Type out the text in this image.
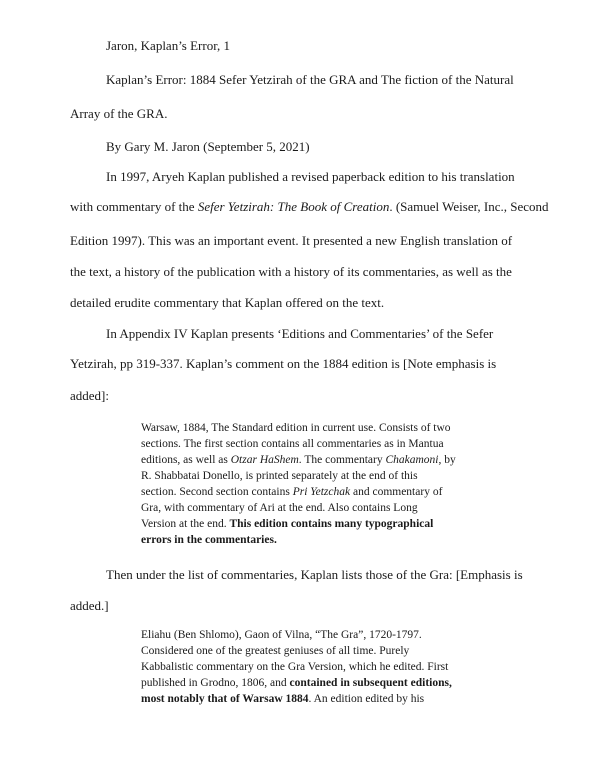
Jaron, Kaplan’s Error, 1
Kaplan’s Error: 1884 Sefer Yetzirah of the GRA and The fiction of the Natural
Array of the GRA.
By Gary M. Jaron (September 5, 2021)
In 1997, Aryeh Kaplan published a revised paperback edition to his translation
with commentary of the Sefer Yetzirah: The Book of Creation. (Samuel Weiser, Inc., Second
Edition 1997). This was an important event. It presented a new English translation of
the text, a history of the publication with a history of its commentaries, as well as the
detailed erudite commentary that Kaplan offered on the text.
In Appendix IV Kaplan presents ‘Editions and Commentaries’ of the Sefer
Yetzirah, pp 319-337. Kaplan’s comment on the 1884 edition is [Note emphasis is
added]:
Warsaw, 1884, The Standard edition in current use. Consists of two
sections. The first section contains all commentaries as in Mantua
editions, as well as Otzar HaShem. The commentary Chakamoni, by
R. Shabbatai Donello, is printed separately at the end of this
section. Second section contains Pri Yetzchak and commentary of
Gra, with commentary of Ari at the end. Also contains Long
Version at the end. This edition contains many typographical
errors in the commentaries.
Then under the list of commentaries, Kaplan lists those of the Gra: [Emphasis is
added.]
Eliahu (Ben Shlomo), Gaon of Vilna, “The Gra”, 1720-1797.
Considered one of the greatest geniuses of all time. Purely
Kabbalistic commentary on the Gra Version, which he edited. First
published in Grodno, 1806, and contained in subsequent editions,
most notably that of Warsaw 1884. An edition edited by his
